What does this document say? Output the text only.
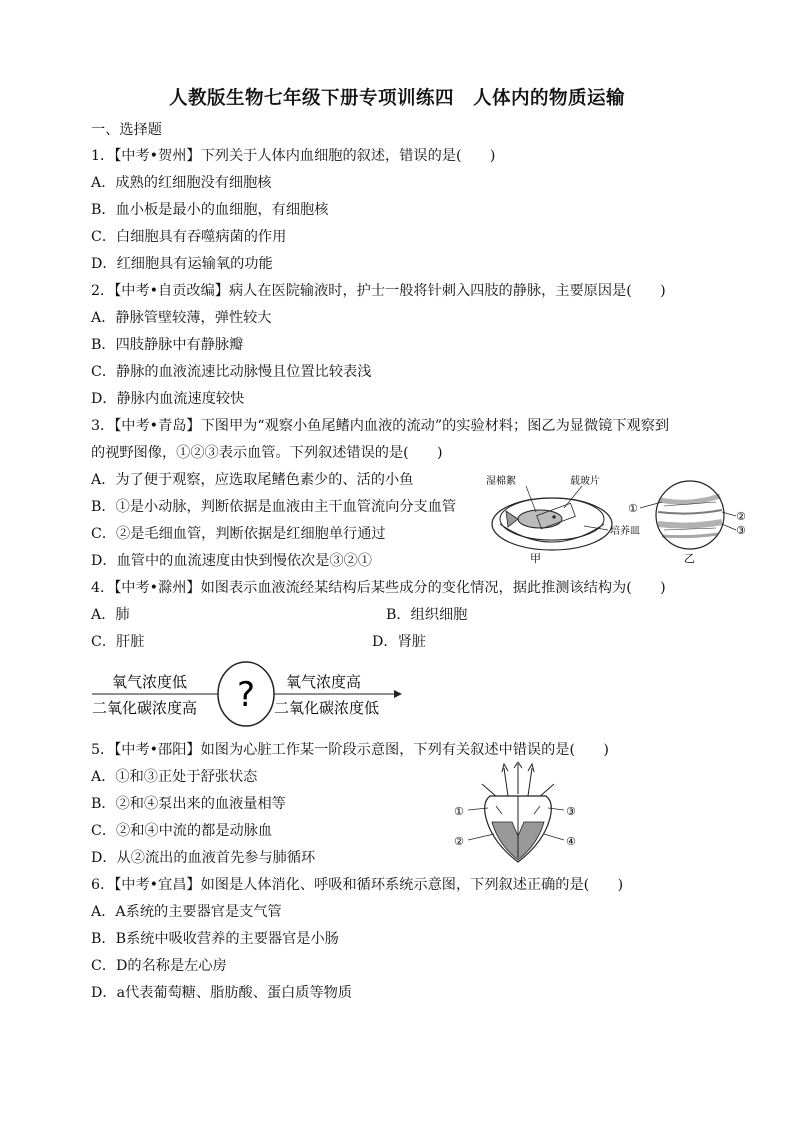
人教版生物七年级下册专项训练四　人体内的物质运输
一、选择题
1．【中考•贺州】下列关于人体内血细胞的叙述，错误的是(　　)
A．成熟的红细胞没有细胞核
B．血小板是最小的血细胞，有细胞核
C．白细胞具有吞噬病菌的作用
D．红细胞具有运输氧的功能
2．【中考•自贡改编】病人在医院输液时，护士一般将针刺入四肢的静脉，主要原因是(　　)
A．静脉管壁较薄，弹性较大
B．四肢静脉中有静脉瓣
C．静脉的血液流速比动脉慢且位置比较表浅
D．静脉内血流速度较快
3．【中考•青岛】下图甲为“观察小鱼尾鳍内血液的流动”的实验材料；图乙为显微镜下观察到
的视野图像，①②③表示血管。下列叙述错误的是(　　)
A．为了便于观察，应选取尾鳍色素少的、活的小鱼
B．①是小动脉，判断依据是血液由主干血管流向分支血管
C．②是毛细血管，判断依据是红细胞单行通过
D．血管中的血流速度由快到慢依次是③②①
湿棉絮	载玻片
培养皿
甲
①
②
③
乙
4．【中考•滁州】如图表示血液流经某结构后某些成分的变化情况，据此推测该结构为(　　)
A．肺	B．组织细胞
C．肝脏	D．肾脏
氧气浓度低
二氧化碳浓度高
氧气浓度高
二氧化碳浓度低
?
5．【中考•邵阳】如图为心脏工作某一阶段示意图，下列有关叙述中错误的是(　　)
A．①和③正处于舒张状态
B．②和④泵出来的血液量相等
C．②和④中流的都是动脉血
D．从②流出的血液首先参与肺循环
①
②
③
④
6．【中考•宜昌】如图是人体消化、呼吸和循环系统示意图，下列叙述正确的是(　　)
A．A系统的主要器官是支气管
B．B系统中吸收营养的主要器官是小肠
C．D的名称是左心房
D．a代表葡萄糖、脂肪酸、蛋白质等物质
